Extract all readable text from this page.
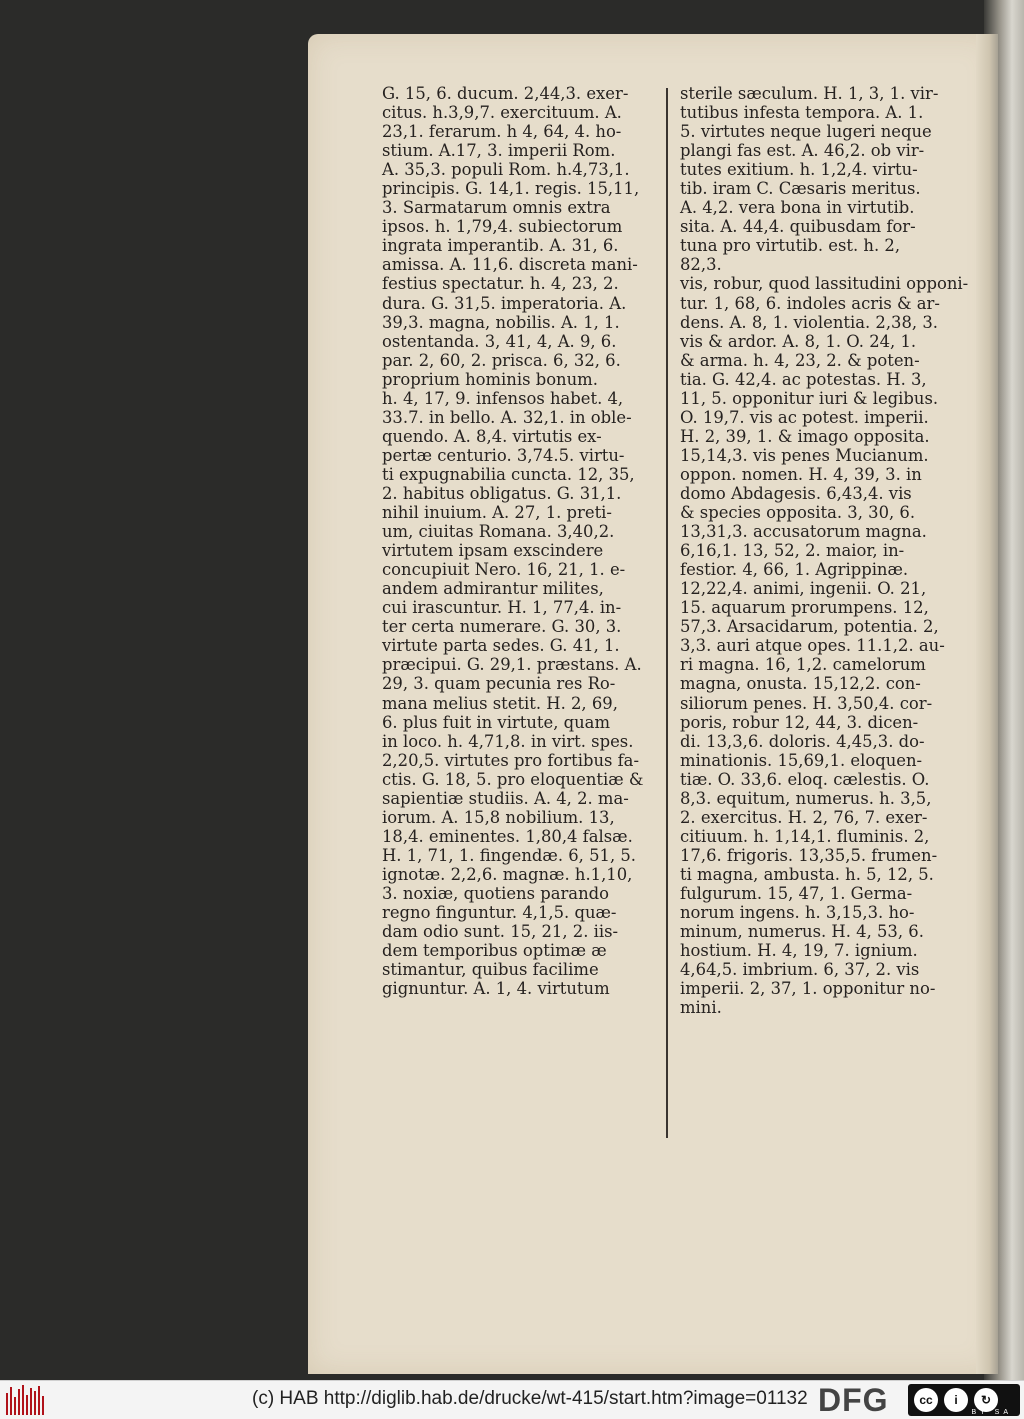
G. 15, 6. ducum. 2,44,3. exer-
citus. h.3,9,7. exercituum. A.
23,1. ferarum. h 4, 64, 4. ho-
stium. A.17, 3. imperii Rom.
A. 35,3. populi Rom. h.4,73,1.
principis. G. 14,1. regis. 15,11,
3. Sarmatarum omnis extra
ipsos. h. 1,79,4. subiectorum
ingrata imperantib. A. 31, 6.
amissa. A. 11,6. discreta mani-
festius spectatur. h. 4, 23, 2.
dura. G. 31,5. imperatoria. A.
39,3. magna, nobilis. A. 1, 1.
ostentanda. 3, 41, 4, A. 9, 6.
par. 2, 60, 2. prisca. 6, 32, 6.
proprium hominis bonum.
h. 4, 17, 9. infensos habet. 4,
33.7. in bello. A. 32,1. in oble-
quendo. A. 8,4. virtutis ex-
pertæ centurio. 3,74.5. virtu-
ti expugnabilia cuncta. 12, 35,
2. habitus obligatus. G. 31,1.
nihil inuium. A. 27, 1. preti-
um, ciuitas Romana. 3,40,2.
virtutem ipsam exscindere
concupiuit Nero. 16, 21, 1. e-
andem admirantur milites,
cui irascuntur. H. 1, 77,4. in-
ter certa numerare. G. 30, 3.
virtute parta sedes. G. 41, 1.
præcipui. G. 29,1. præstans. A.
29, 3. quam pecunia res Ro-
mana melius stetit. H. 2, 69,
6. plus fuit in virtute, quam
in loco. h. 4,71,8. in virt. spes.
2,20,5. virtutes pro fortibus fa-
ctis. G. 18, 5. pro eloquentiæ &
sapientiæ studiis. A. 4, 2. ma-
iorum. A. 15,8 nobilium. 13,
18,4. eminentes. 1,80,4 falsæ.
H. 1, 71, 1. fingendæ. 6, 51, 5.
ignotæ. 2,2,6. magnæ. h.1,10,
3. noxiæ, quotiens parando
regno finguntur. 4,1,5. quæ-
dam odio sunt. 15, 21, 2. iis-
dem temporibus optimæ æ
stimantur, quibus facilime
gignuntur. A. 1, 4. virtutum
sterile sæculum. H. 1, 3, 1. vir-
tutibus infesta tempora. A. 1.
5. virtutes neque lugeri neque
plangi fas est. A. 46,2. ob vir-
tutes exitium. h. 1,2,4. virtu-
tib. iram C. Cæsaris meritus.
A. 4,2. vera bona in virtutib.
sita. A. 44,4. quibusdam for-
tuna pro virtutib. est. h. 2,
82,3.
vis, robur, quod lassitudini opponi-
tur. 1, 68, 6. indoles acris & ar-
dens. A. 8, 1. violentia. 2,38, 3.
vis & ardor. A. 8, 1. O. 24, 1.
& arma. h. 4, 23, 2. & poten-
tia. G. 42,4. ac potestas. H. 3,
11, 5. opponitur iuri & legibus.
O. 19,7. vis ac potest. imperii.
H. 2, 39, 1. & imago opposita.
15,14,3. vis penes Mucianum.
oppon. nomen. H. 4, 39, 3. in
domo Abdagesis. 6,43,4. vis
& species opposita. 3, 30, 6.
13,31,3. accusatorum magna.
6,16,1. 13, 52, 2. maior, in-
festior. 4, 66, 1. Agrippinæ.
12,22,4. animi, ingenii. O. 21,
15. aquarum prorumpens. 12,
57,3. Arsacidarum, potentia. 2,
3,3. auri atque opes. 11.1,2. au-
ri magna. 16, 1,2. camelorum
magna, onusta. 15,12,2. con-
siliorum penes. H. 3,50,4. cor-
poris, robur 12, 44, 3. dicen-
di. 13,3,6. doloris. 4,45,3. do-
minationis. 15,69,1. eloquen-
tiæ. O. 33,6. eloq. cælestis. O.
8,3. equitum, numerus. h. 3,5,
2. exercitus. H. 2, 76, 7. exer-
citiuum. h. 1,14,1. fluminis. 2,
17,6. frigoris. 13,35,5. frumen-
ti magna, ambusta. h. 5, 12, 5.
fulgurum. 15, 47, 1. Germa-
norum ingens. h. 3,15,3. ho-
minum, numerus. H. 4, 53, 6.
hostium. H. 4, 19, 7. ignium.
4,64,5. imbrium. 6, 37, 2. vis
imperii. 2, 37, 1. opponitur no-
mini.
(c) HAB http://diglib.hab.de/drucke/wt-415/start.htm?image=01132 DFG	cc	i	↻
BY SA
